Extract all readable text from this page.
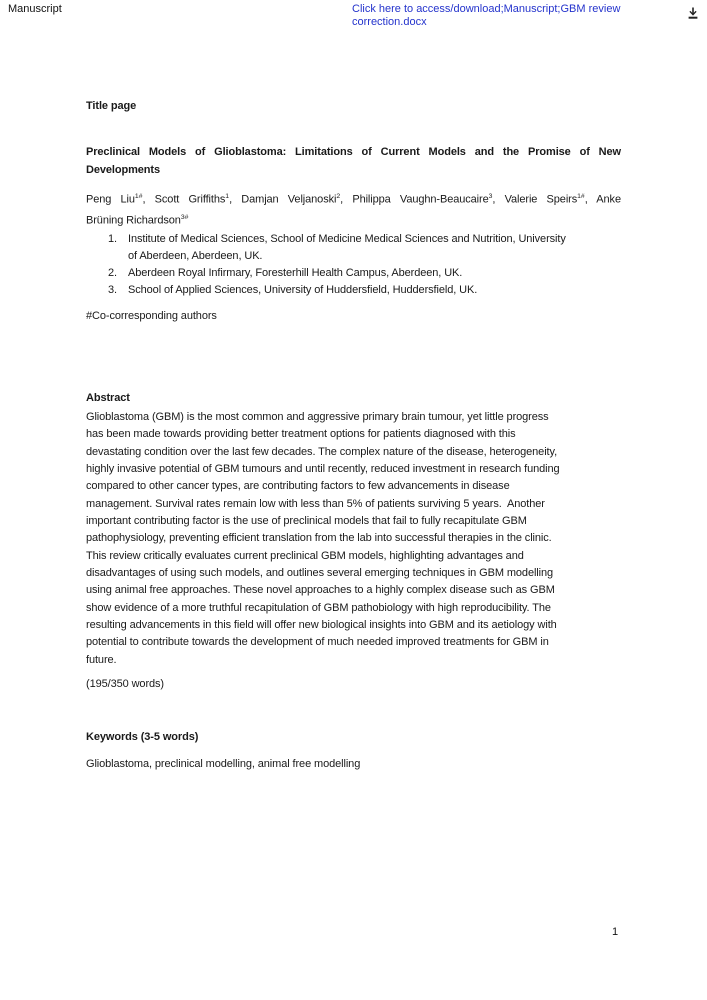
Manuscript	Click here to access/download;Manuscript;GBM review correction.docx
Title page
Preclinical Models of Glioblastoma: Limitations of Current Models and the Promise of New
Developments
Peng Liu$^{1\#}$, Scott Griffiths$^1$, Damjan Veljanoski$^2$, Philippa Vaughn-Beaucaire$^3$, Valerie Speirs$^{1\#}$, Anke
Brüning Richardson$^{3\#}$
1.	Institute of Medical Sciences, School of Medicine Medical Sciences and Nutrition, University
of Aberdeen, Aberdeen, UK.
2.	Aberdeen Royal Infirmary, Foresterhill Health Campus, Aberdeen, UK.
3.	School of Applied Sciences, University of Huddersfield, Huddersfield, UK.
#Co-corresponding authors
Abstract
Glioblastoma (GBM) is the most common and aggressive primary brain tumour, yet little progress
has been made towards providing better treatment options for patients diagnosed with this
devastating condition over the last few decades. The complex nature of the disease, heterogeneity,
highly invasive potential of GBM tumours and until recently, reduced investment in research funding
compared to other cancer types, are contributing factors to few advancements in disease
management. Survival rates remain low with less than 5% of patients surviving 5 years.  Another
important contributing factor is the use of preclinical models that fail to fully recapitulate GBM
pathophysiology, preventing efficient translation from the lab into successful therapies in the clinic.
This review critically evaluates current preclinical GBM models, highlighting advantages and
disadvantages of using such models, and outlines several emerging techniques in GBM modelling
using animal free approaches. These novel approaches to a highly complex disease such as GBM
show evidence of a more truthful recapitulation of GBM pathobiology with high reproducibility. The
resulting advancements in this field will offer new biological insights into GBM and its aetiology with
potential to contribute towards the development of much needed improved treatments for GBM in
future.
(195/350 words)
Keywords (3-5 words)
Glioblastoma, preclinical modelling, animal free modelling
1
